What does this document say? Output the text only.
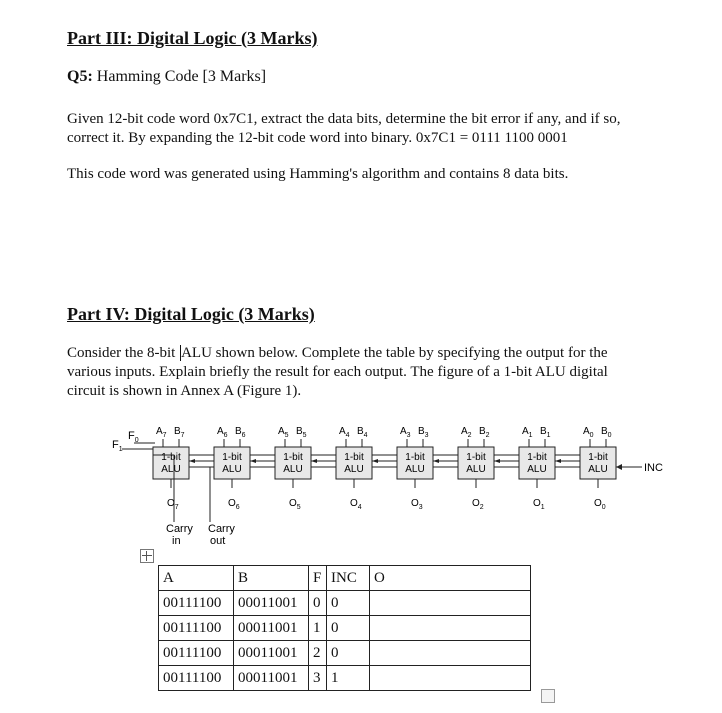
Part III: Digital Logic (3 Marks)
Q5: Hamming Code [3 Marks]
Given 12-bit code word 0x7C1, extract the data bits, determine the bit error if any, and if so,
correct it. By expanding the 12-bit code word into binary. 0x7C1 = 0111 1100 0001
This code word was generated using Hamming's algorithm and contains 8 data bits.
Part IV: Digital Logic (3 Marks)
Consider the 8-bit ALU shown below. Complete the table by specifying the output for the
various inputs. Explain briefly the result for each output. The figure of a 1-bit ALU digital
circuit is shown in Annex A (Figure 1).
$F_1$
$F_0$
INC
1-bit
ALU
$A_7$ $B_7$
$O_7$
1-bit
ALU
$A_6$ $B_6$
$O_6$
1-bit
ALU
$A_5$ $B_5$
$O_5$
1-bit
ALU
$A_4$ $B_4$
$O_4$
1-bit
ALU
$A_3$ $B_3$
$O_3$
1-bit
ALU
$A_2$ $B_2$
$O_2$
1-bit
ALU
$A_1$ $B_1$
$O_1$
1-bit
ALU
$A_0$ $B_0$
$O_0$
Carry
in
Carry
out
A	B	F	INC	O
00111100	00011001	0	0	
00111100	00011001	1	0	
00111100	00011001	2	0	
00111100	00011001	3	1	
